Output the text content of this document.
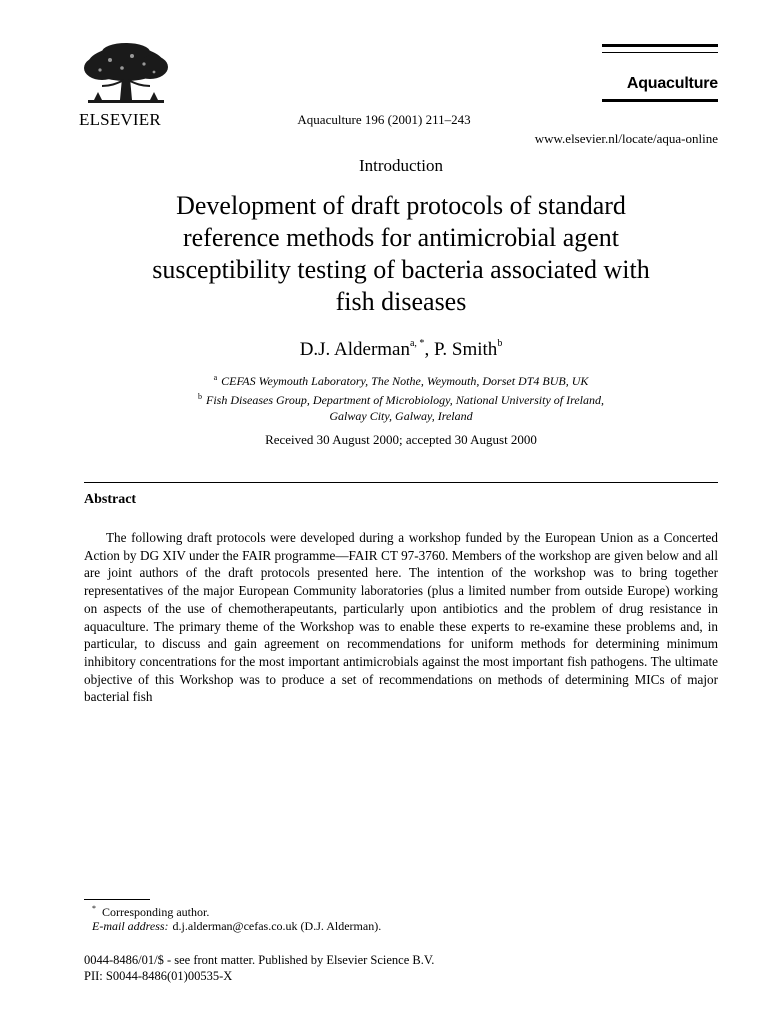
ELSEVIER	Aquaculture 196 (2001) 211–243
Aquaculture
www.elsevier.nl/locate/aqua-online
Introduction
Development of draft protocols of standard
reference methods for antimicrobial agent
susceptibility testing of bacteria associated with
fish diseases
D.J. Alderman$^{a, *}$, P. Smith$^b$
$^a$ CEFAS Weymouth Laboratory, The Nothe, Weymouth, Dorset DT4 BUB, UK
$^b$ Fish Diseases Group, Department of Microbiology, National University of Ireland,
Galway City, Galway, Ireland
Received 30 August 2000; accepted 30 August 2000
Abstract

The following draft protocols were developed during a workshop funded by the European Union as a Concerted Action by DG XIV under the FAIR programme—FAIR CT 97-3760. Members of the workshop are given below and all are joint authors of the draft protocols presented here. The intention of the workshop was to bring together representatives of the major European Community laboratories (plus a limited number from outside Europe) working on aspects of the use of chemotherapeutants, particularly upon antibiotics and the problem of drug resistance in aquaculture. The primary theme of the Workshop was to enable these experts to re-examine these problems and, in particular, to discuss and gain agreement on recommendations for uniform methods for determining minimum inhibitory concentrations for the most important antimicrobials against the most important fish pathogens. The ultimate objective of this Workshop was to produce a set of recommendations on methods of determining MICs of major bacterial fish

* Corresponding author.
E-mail address: d.j.alderman@cefas.co.uk (D.J. Alderman).
0044-8486/01/$ - see front matter. Published by Elsevier Science B.V.
PII: S0044-8486(01)00535-X
